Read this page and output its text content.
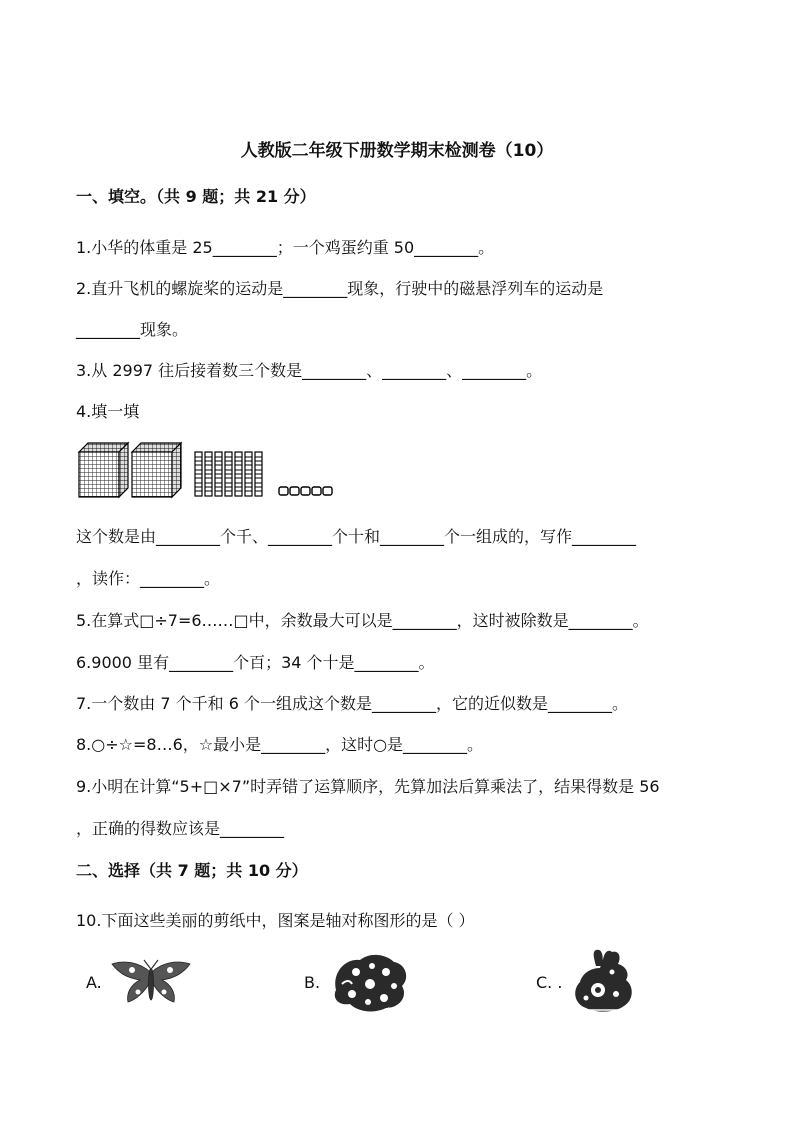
人教版二年级下册数学期末检测卷（10）
一、填空。（共 9 题；共 21 分）
1.小华的体重是 25________；一个鸡蛋约重 50________。
2.直升飞机的螺旋桨的运动是________现象，行驶中的磁悬浮列车的运动是
________现象。
3.从 2997 往后接着数三个数是________、________、________。
4.填一填
这个数是由________个千、________个十和________个一组成的，写作________
，读作：________。
5.在算式□÷7=6……□中，余数最大可以是________，这时被除数是________。
6.9000 里有________个百；34 个十是________。
7.一个数由 7 个千和 6 个一组成这个数是________，它的近似数是________。
8.○÷☆=8…6，☆最小是________，这时○是________。
9.小明在计算“5+□×7”时弄错了运算顺序，先算加法后算乘法了，结果得数是 56
，正确的得数应该是________
二、选择（共 7 题；共 10 分）
10.下面这些美丽的剪纸中，图案是轴对称图形的是（ ）
A.	B.	C. .
